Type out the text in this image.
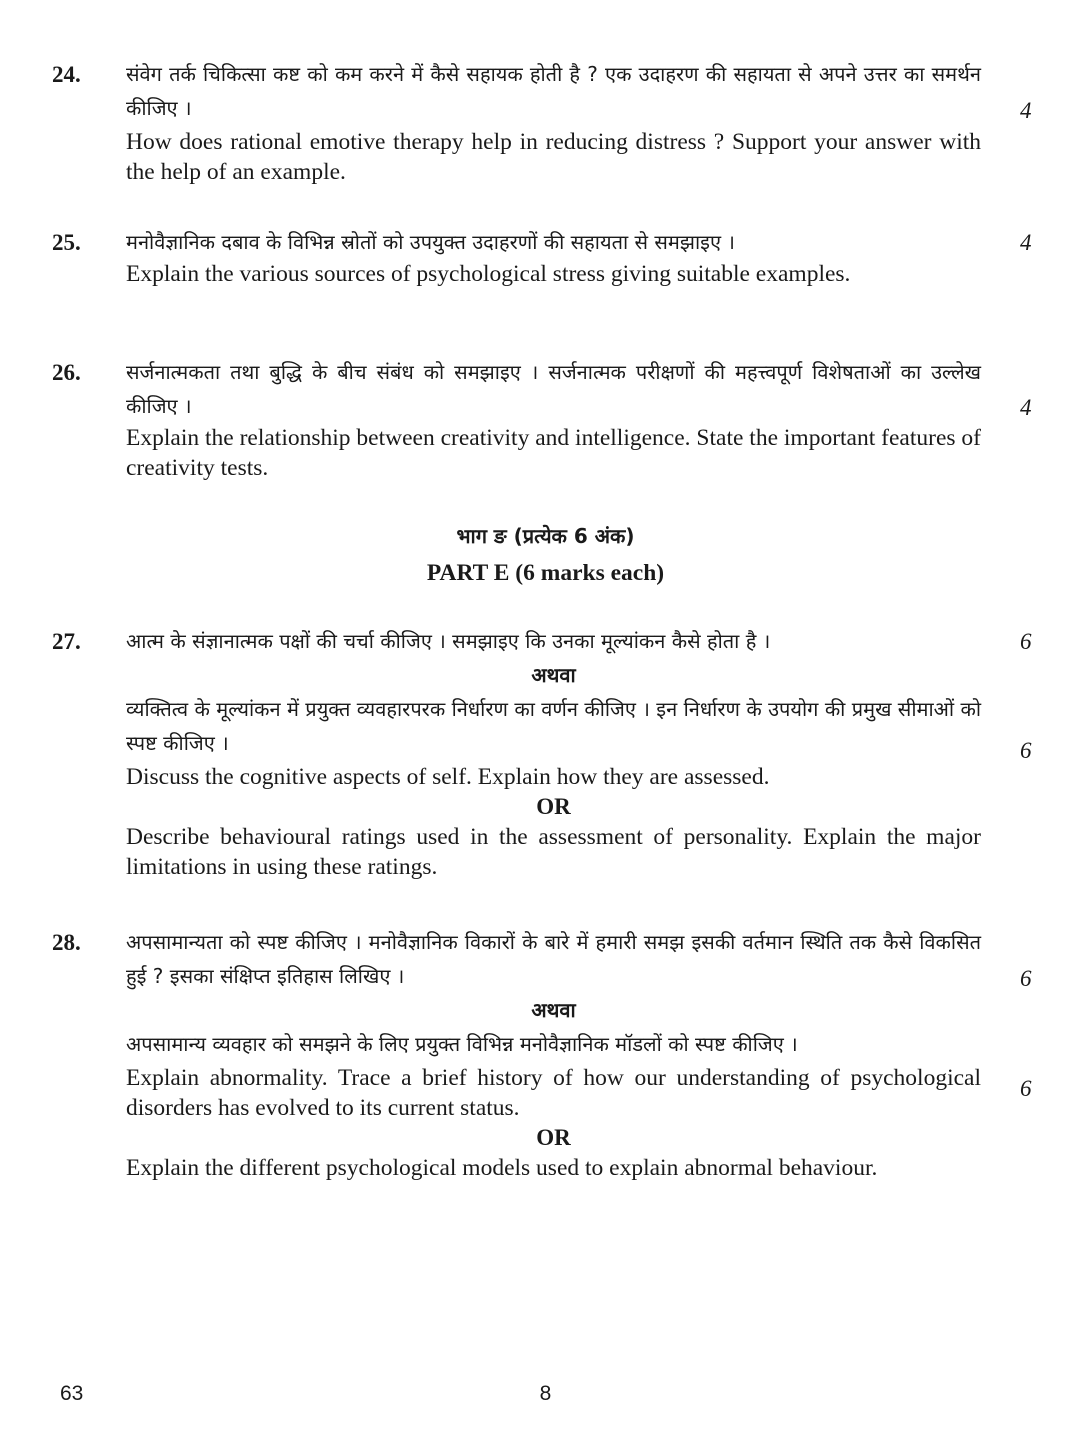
24. संवेग तर्क चिकित्सा कष्ट को कम करने में कैसे सहायक होती है ? एक उदाहरण की सहायता से अपने उत्तर का समर्थन कीजिए ।

How does rational emotive therapy help in reducing distress ? Support your answer with the help of an example.

4
25. मनोवैज्ञानिक दबाव के विभिन्न स्रोतों को उपयुक्त उदाहरणों की सहायता से समझाइए ।

Explain the various sources of psychological stress giving suitable examples.

4
26. सर्जनात्मकता तथा बुद्धि के बीच संबंध को समझाइए । सर्जनात्मक परीक्षणों की महत्त्वपूर्ण विशेषताओं का उल्लेख कीजिए ।

Explain the relationship between creativity and intelligence. State the important features of creativity tests.

4
भाग ङ (प्रत्येक 6 अंक)
PART E (6 marks each)
27. आत्म के संज्ञानात्मक पक्षों की चर्चा कीजिए । समझाइए कि उनका मूल्यांकन कैसे होता है ।

अथवा

व्यक्तित्व के मूल्यांकन में प्रयुक्त व्यवहारपरक निर्धारण का वर्णन कीजिए । इन निर्धारण के उपयोग की प्रमुख सीमाओं को स्पष्ट कीजिए ।

Discuss the cognitive aspects of self. Explain how they are assessed.

OR

Describe behavioural ratings used in the assessment of personality. Explain the major limitations in using these ratings.

6
6
28. अपसामान्यता को स्पष्ट कीजिए । मनोवैज्ञानिक विकारों के बारे में हमारी समझ इसकी वर्तमान स्थिति तक कैसे विकसित हुई ? इसका संक्षिप्त इतिहास लिखिए ।

अथवा

अपसामान्य व्यवहार को समझने के लिए प्रयुक्त विभिन्न मनोवैज्ञानिक मॉडलों को स्पष्ट कीजिए ।

Explain abnormality. Trace a brief history of how our understanding of psychological disorders has evolved to its current status.

OR

Explain the different psychological models used to explain abnormal behaviour.

6
6
63	8
